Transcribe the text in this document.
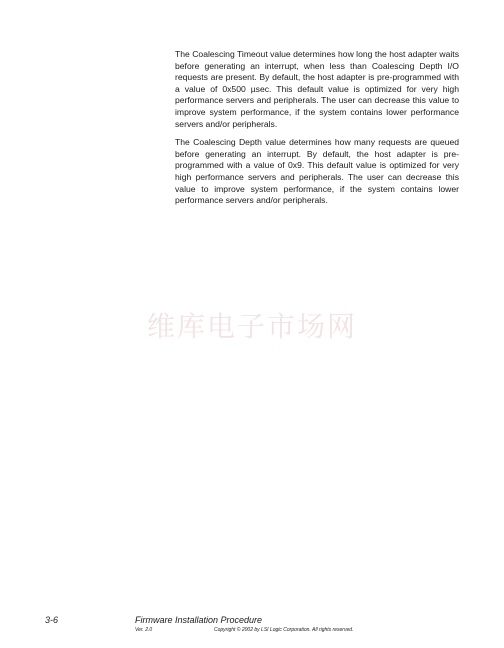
The Coalescing Timeout value determines how long the host adapter waits before generating an interrupt, when less than Coalescing Depth I/O requests are present. By default, the host adapter is pre-programmed with a value of 0x500 µsec. This default value is optimized for very high performance servers and peripherals. The user can decrease this value to improve system performance, if the system contains lower performance servers and/or peripherals.

The Coalescing Depth value determines how many requests are queued before generating an interrupt. By default, the host adapter is pre-programmed with a value of 0x9. This default value is optimized for very high performance servers and peripherals. The user can decrease this value to improve system performance, if the system contains lower performance servers and/or peripherals.

维库电子市场网
3-6	Firmware Installation Procedure
Ver. 2.0	Copyright © 2002 by LSI Logic Corporation. All rights reserved.
